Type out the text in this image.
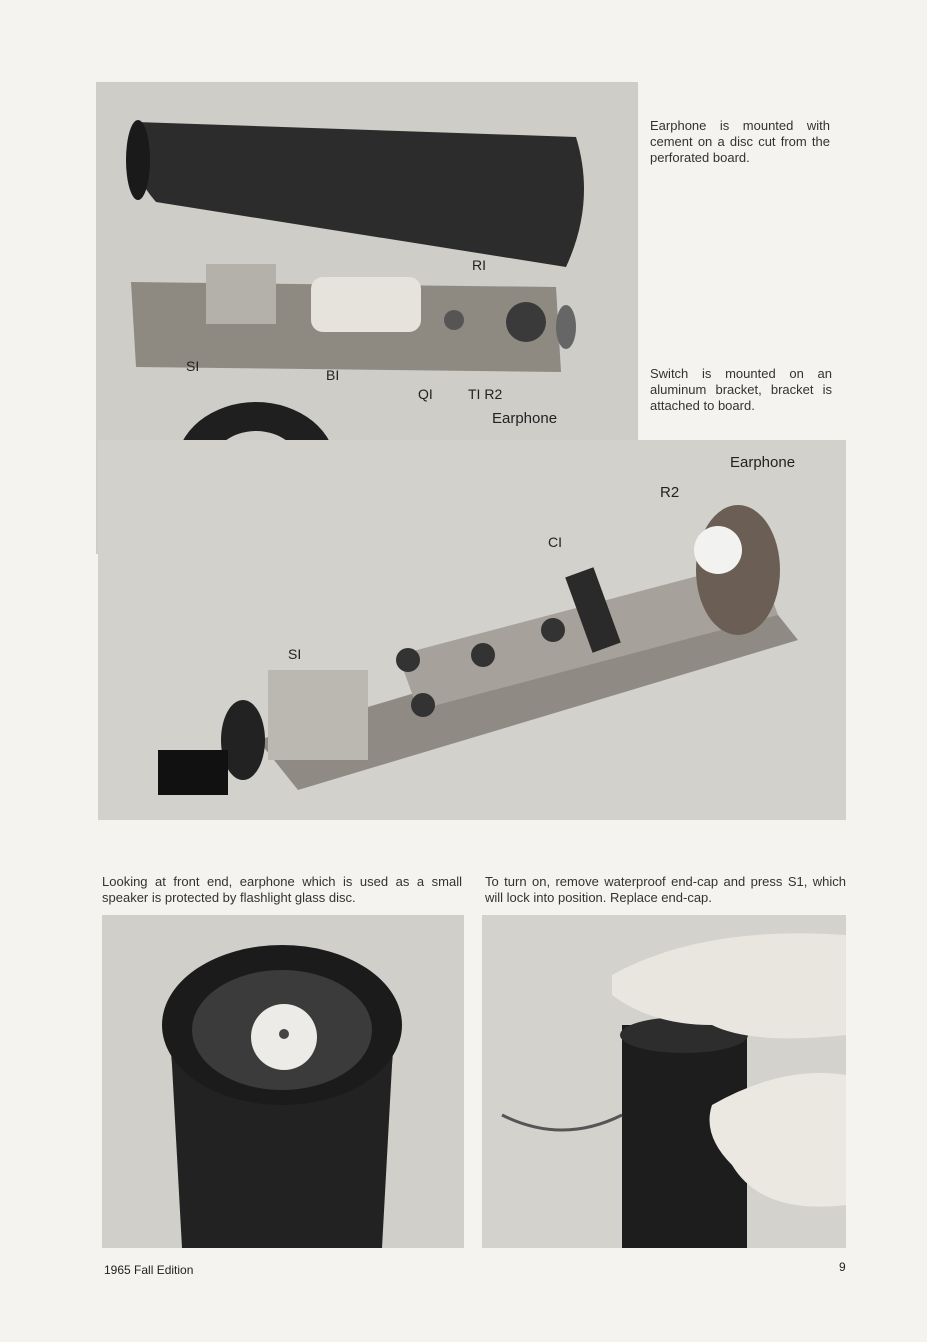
RI
SI
BI
QI	TI R2
Earphone
Earphone
R2
CI
SI
Earphone is mounted with cement on a disc cut from the perforated board.
Switch is mounted on an aluminum bracket, bracket is attached to board.
Looking at front end, earphone which is used as a small speaker is protected by flashlight glass disc.
To turn on, remove waterproof end-cap and press S1, which will lock into position. Replace end-cap.
1965 Fall Edition	9
